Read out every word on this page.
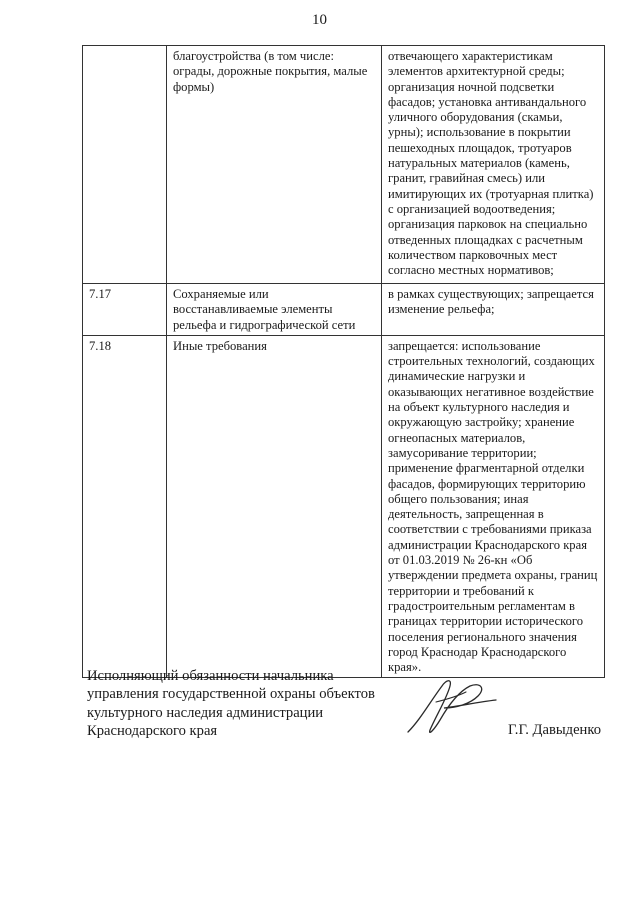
10
	благоустройства (в том числе: ограды, дорожные покрытия, малые формы)	отвечающего характеристикам элементов архитектурной среды; организация ночной подсветки фасадов; установка антивандального уличного оборудования (скамьи, урны); использование в покрытии пешеходных площадок, тротуаров натуральных материалов (камень, гранит, гравийная смесь) или имитирующих их (тротуарная плитка) с организацией водоотведения; организация парковок на специально отведенных площадках с расчетным количеством парковочных мест согласно местных нормативов;
7.17	Сохраняемые или восстанавливаемые элементы рельефа и гидрографической сети	в рамках существующих; запрещается изменение рельефа;
7.18	Иные требования	запрещается: использование строительных технологий, создающих динамические нагрузки и оказывающих негативное воздействие на объект культурного наследия и окружающую застройку; хранение огнеопасных материалов, замусоривание территории; применение фрагментарной отделки фасадов, формирующих территорию общего пользования; иная деятельность, запрещенная в соответствии с требованиями приказа администрации Краснодарского края от 01.03.2019 № 26-кн «Об утверждении предмета охраны, границ территории и требований к градостроительным регламентам в границах территории исторического поселения регионального значения город Краснодар Краснодарского края».
Исполняющий обязанности начальника
управления государственной охраны объектов
культурного наследия администрации
Краснодарского края	Г.Г. Давыденко
